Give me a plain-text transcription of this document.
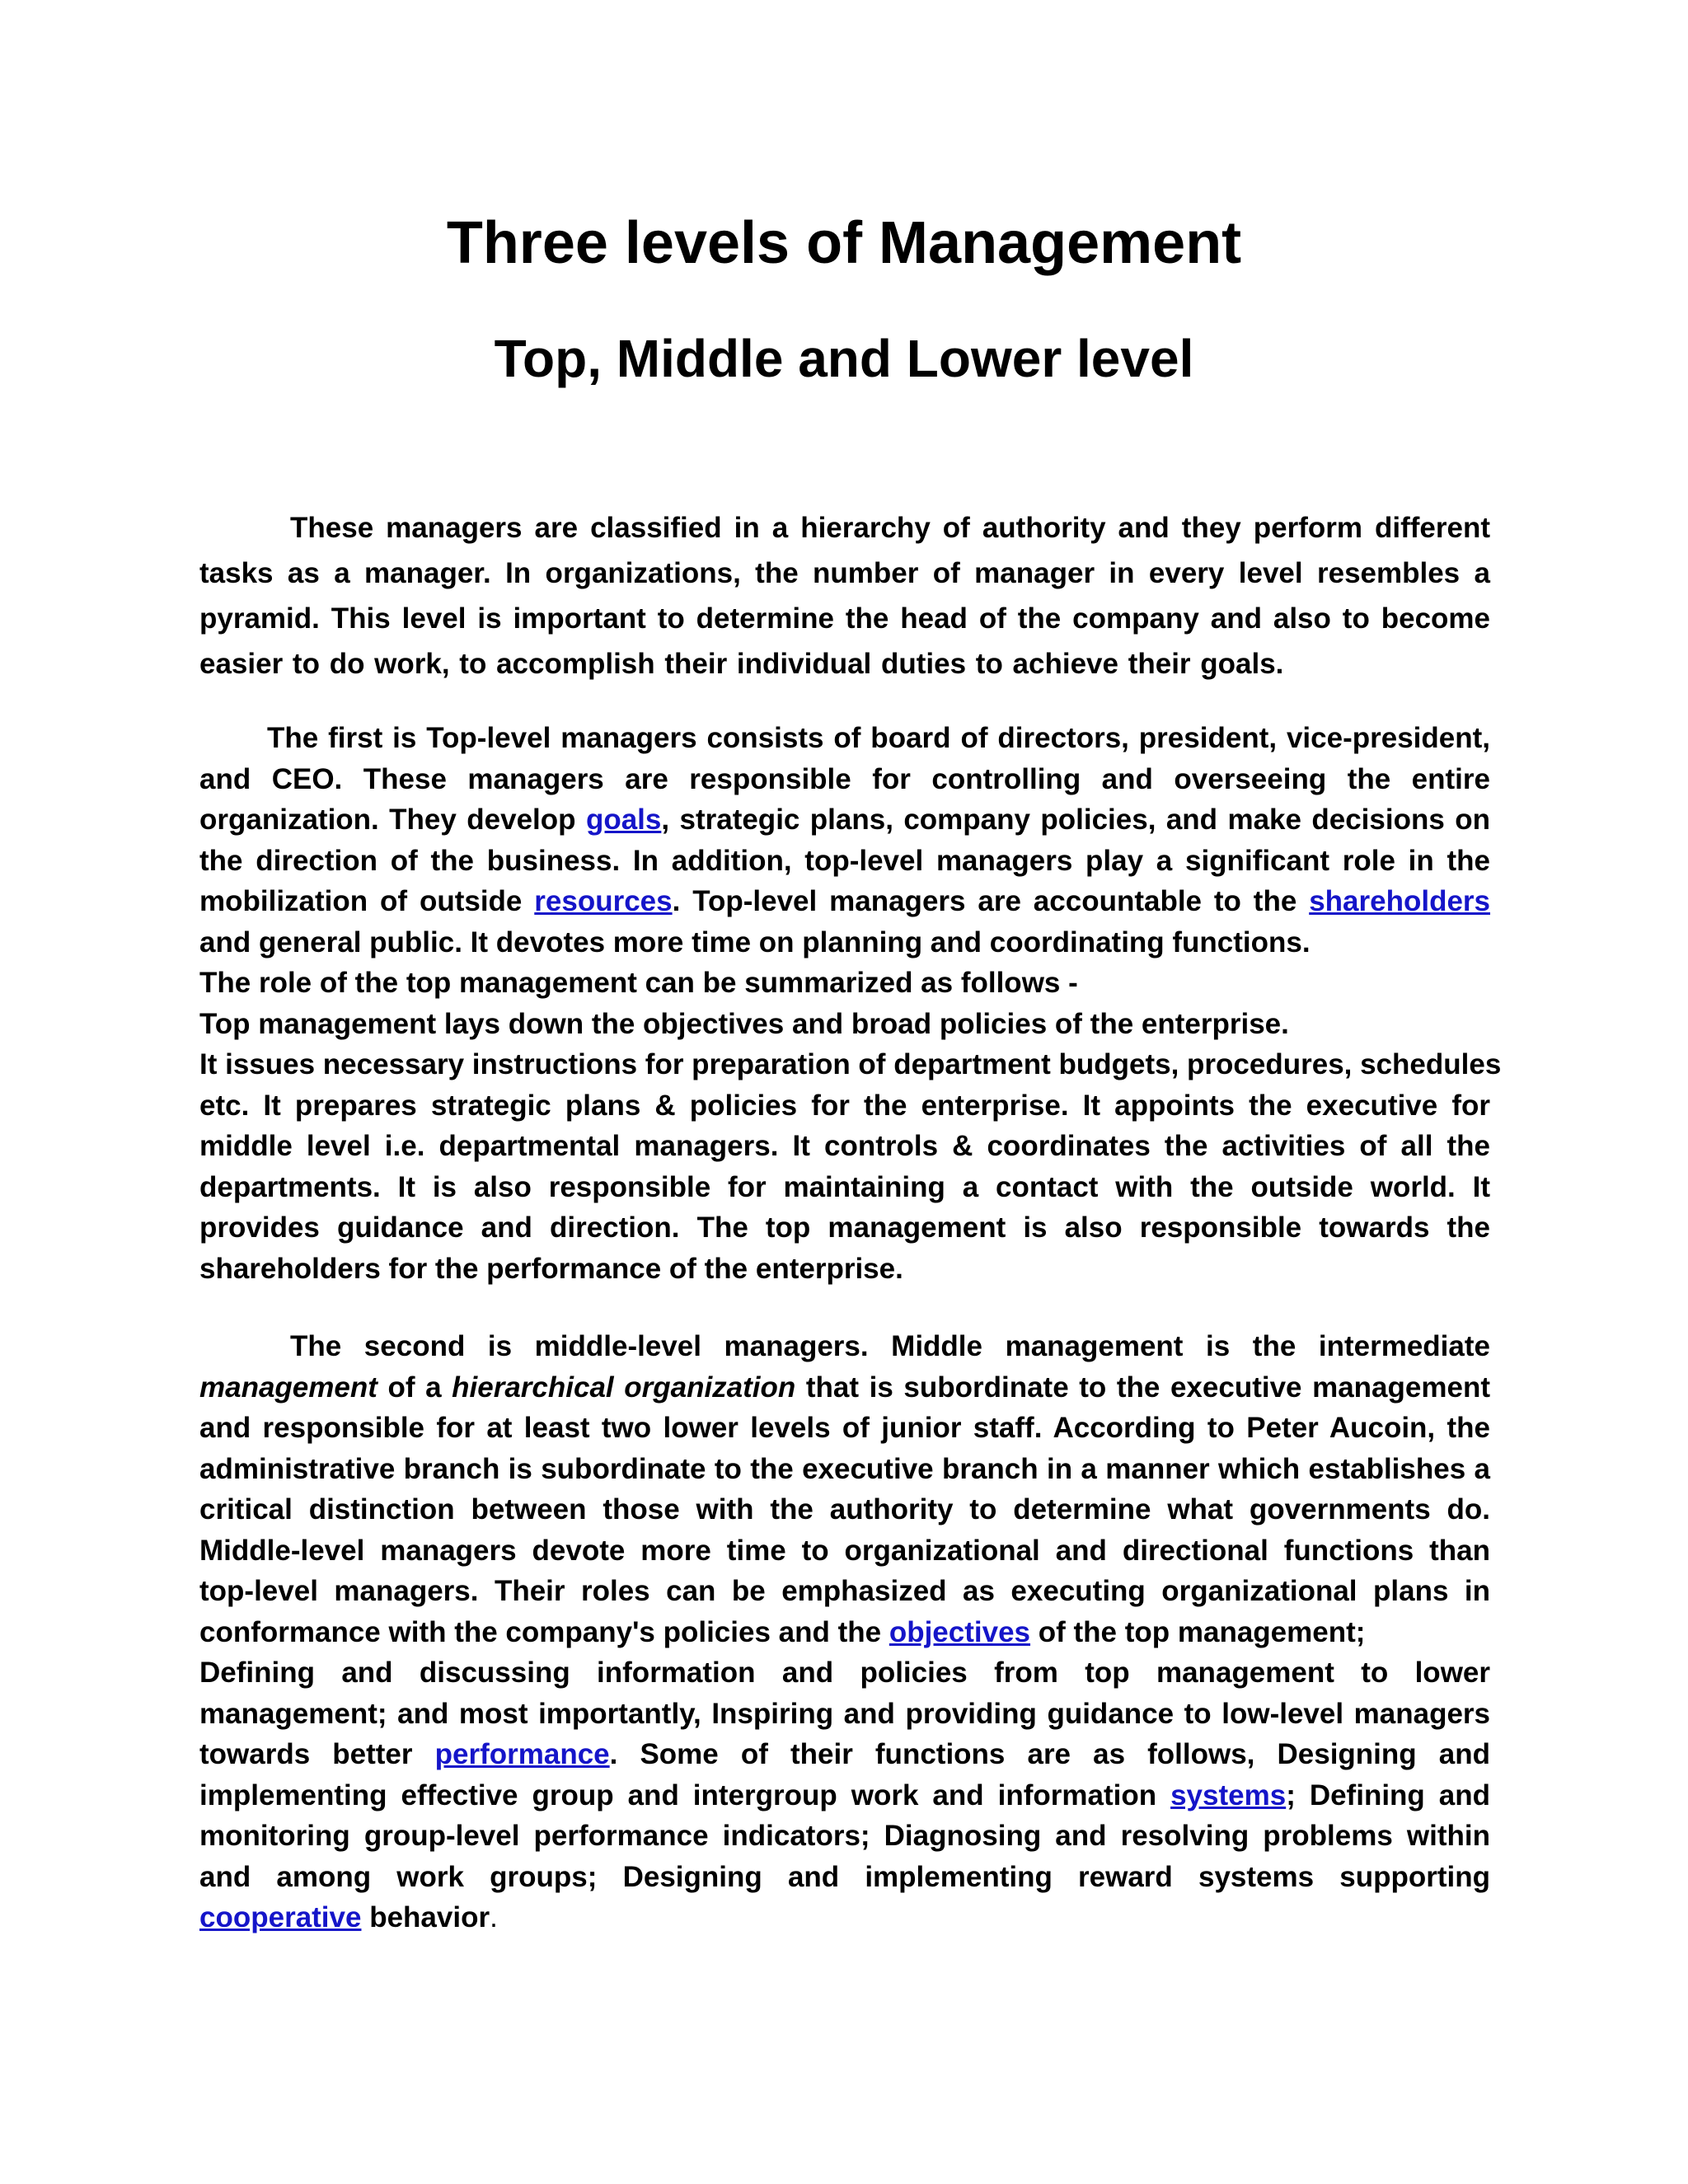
Three levels of Management
Top, Middle and Lower level
These managers are classified in a hierarchy of authority and they perform different
tasks as a manager. In organizations, the number of manager in every level resembles a
pyramid. This level is important to determine the head of the company and also to become
easier to do work, to accomplish their individual duties to achieve their goals.
The first is Top-level managers consists of board of directors, president, vice-president,
and CEO. These managers are responsible for controlling and overseeing the entire
organization. They develop goals, strategic plans, company policies, and make decisions on
the direction of the business. In addition, top-level managers play a significant role in the
mobilization of outside resources. Top-level managers are accountable to the shareholders
and general public. It devotes more time on planning and coordinating functions.
The role of the top management can be summarized as follows -
Top management lays down the objectives and broad policies of the enterprise.
It issues necessary instructions for preparation of department budgets, procedures, schedules
etc. It prepares strategic plans & policies for the enterprise. It appoints the executive for
middle level i.e. departmental managers. It controls & coordinates the activities of all the
departments. It is also responsible for maintaining a contact with the outside world. It
provides guidance and direction. The top management is also responsible towards the
shareholders for the performance of the enterprise.
The second is middle-level managers. Middle management is the intermediate
management of a hierarchical organization that is subordinate to the executive management
and responsible for at least two lower levels of junior staff. According to Peter Aucoin, the
administrative branch is subordinate to the executive branch in a manner which establishes a
critical distinction between those with the authority to determine what governments do.
Middle-level managers devote more time to organizational and directional functions than
top-level managers. Their roles can be emphasized as executing organizational plans in
conformance with the company's policies and the objectives of the top management;
Defining and discussing information and policies from top management to lower
management; and most importantly, Inspiring and providing guidance to low-level managers
towards better performance. Some of their functions are as follows, Designing and
implementing effective group and intergroup work and information systems; Defining and
monitoring group-level performance indicators; Diagnosing and resolving problems within
and among work groups; Designing and implementing reward systems supporting
cooperative behavior.
